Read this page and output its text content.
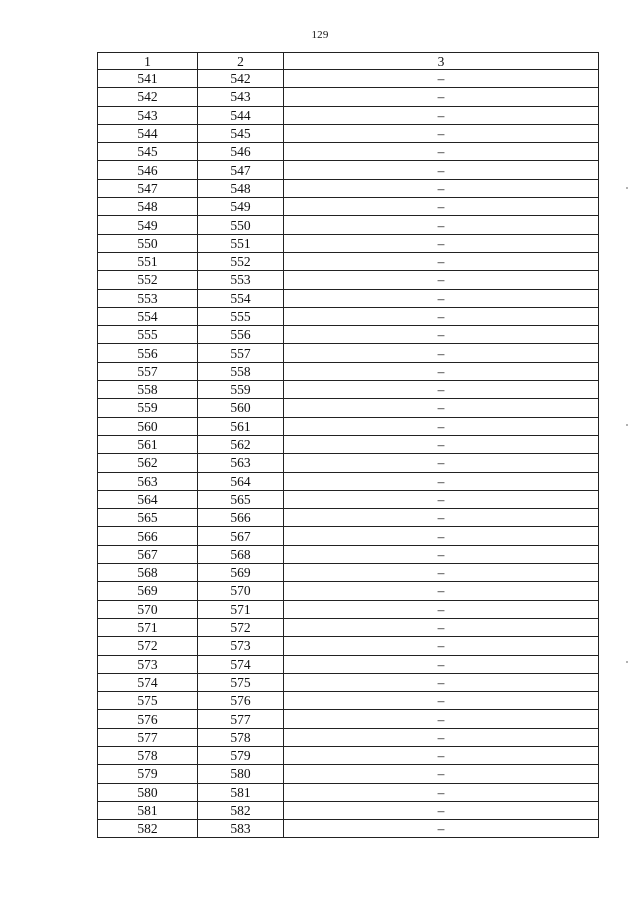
129
1	2	3
541	542	–
542	543	–
543	544	–
544	545	–
545	546	–
546	547	–
547	548	–
548	549	–
549	550	–
550	551	–
551	552	–
552	553	–
553	554	–
554	555	–
555	556	–
556	557	–
557	558	–
558	559	–
559	560	–
560	561	–
561	562	–
562	563	–
563	564	–
564	565	–
565	566	–
566	567	–
567	568	–
568	569	–
569	570	–
570	571	–
571	572	–
572	573	–
573	574	–
574	575	–
575	576	–
576	577	–
577	578	–
578	579	–
579	580	–
580	581	–
581	582	–
582	583	–
